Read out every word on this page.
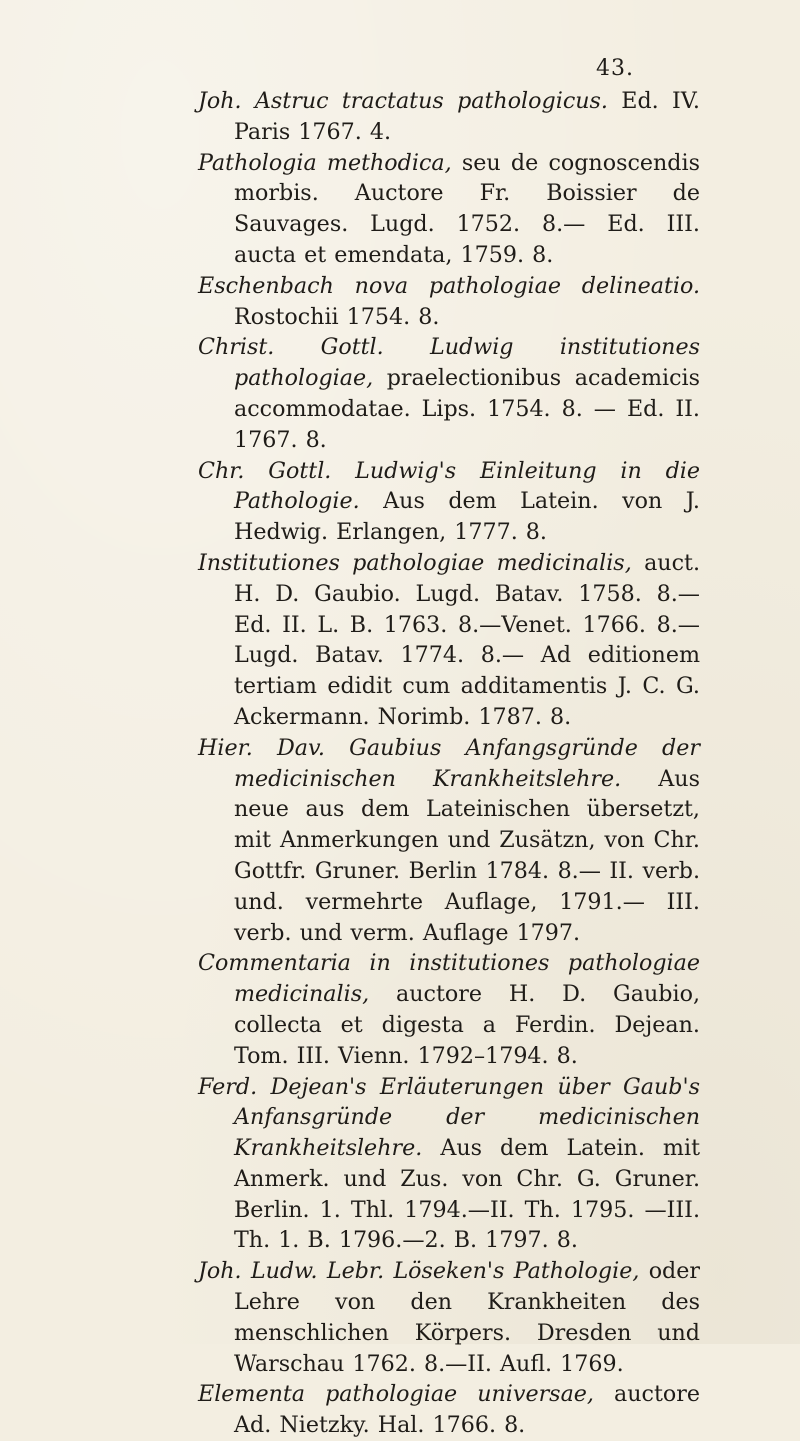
43.
Joh. Astruc tractatus pathologicus. Ed. IV. Paris 1767. 4.
Pathologia methodica, seu de cognoscendis morbis. Auctore Fr. Boissier de Sauvages. Lugd. 1752. 8.— Ed. III. aucta et emendata, 1759. 8.
Eschenbach nova pathologiae delineatio. Rostochii 1754. 8.
Christ. Gottl. Ludwig institutiones pathologiae, praelectionibus academicis accommodatae. Lips. 1754. 8. — Ed. II. 1767. 8.
Chr. Gottl. Ludwig's Einleitung in die Pathologie. Aus dem Latein. von J. Hedwig. Erlangen, 1777. 8.
Institutiones pathologiae medicinalis, auct. H. D. Gaubio. Lugd. Batav. 1758. 8.— Ed. II. L. B. 1763. 8.—Venet. 1766. 8.—Lugd. Batav. 1774. 8.— Ad editionem tertiam edidit cum additamentis J. C. G. Ackermann. Norimb. 1787. 8.
Hier. Dav. Gaubius Anfangsgründe der medicinischen Krankheitslehre. Aus neue aus dem Lateinischen übersetzt, mit Anmerkungen und Zusätzn, von Chr. Gottfr. Gruner. Berlin 1784. 8.— II. verb. und. vermehrte Auflage, 1791.— III. verb. und verm. Auflage 1797.
Commentaria in institutiones pathologiae medicinalis, auctore H. D. Gaubio, collecta et digesta a Ferdin. Dejean. Tom. III. Vienn. 1792–1794. 8.
Ferd. Dejean's Erläuterungen über Gaub's Anfansgründe der medicinischen Krankheitslehre. Aus dem Latein. mit Anmerk. und Zus. von Chr. G. Gruner. Berlin. 1. Thl. 1794.—II. Th. 1795. —III. Th. 1. B. 1796.—2. B. 1797. 8.
Joh. Ludw. Lebr. Löseken's Pathologie, oder Lehre von den Krankheiten des menschlichen Körpers. Dresden und Warschau 1762. 8.—II. Aufl. 1769.
Elementa pathologiae universae, auctore Ad. Nietzky. Hal. 1766. 8.
